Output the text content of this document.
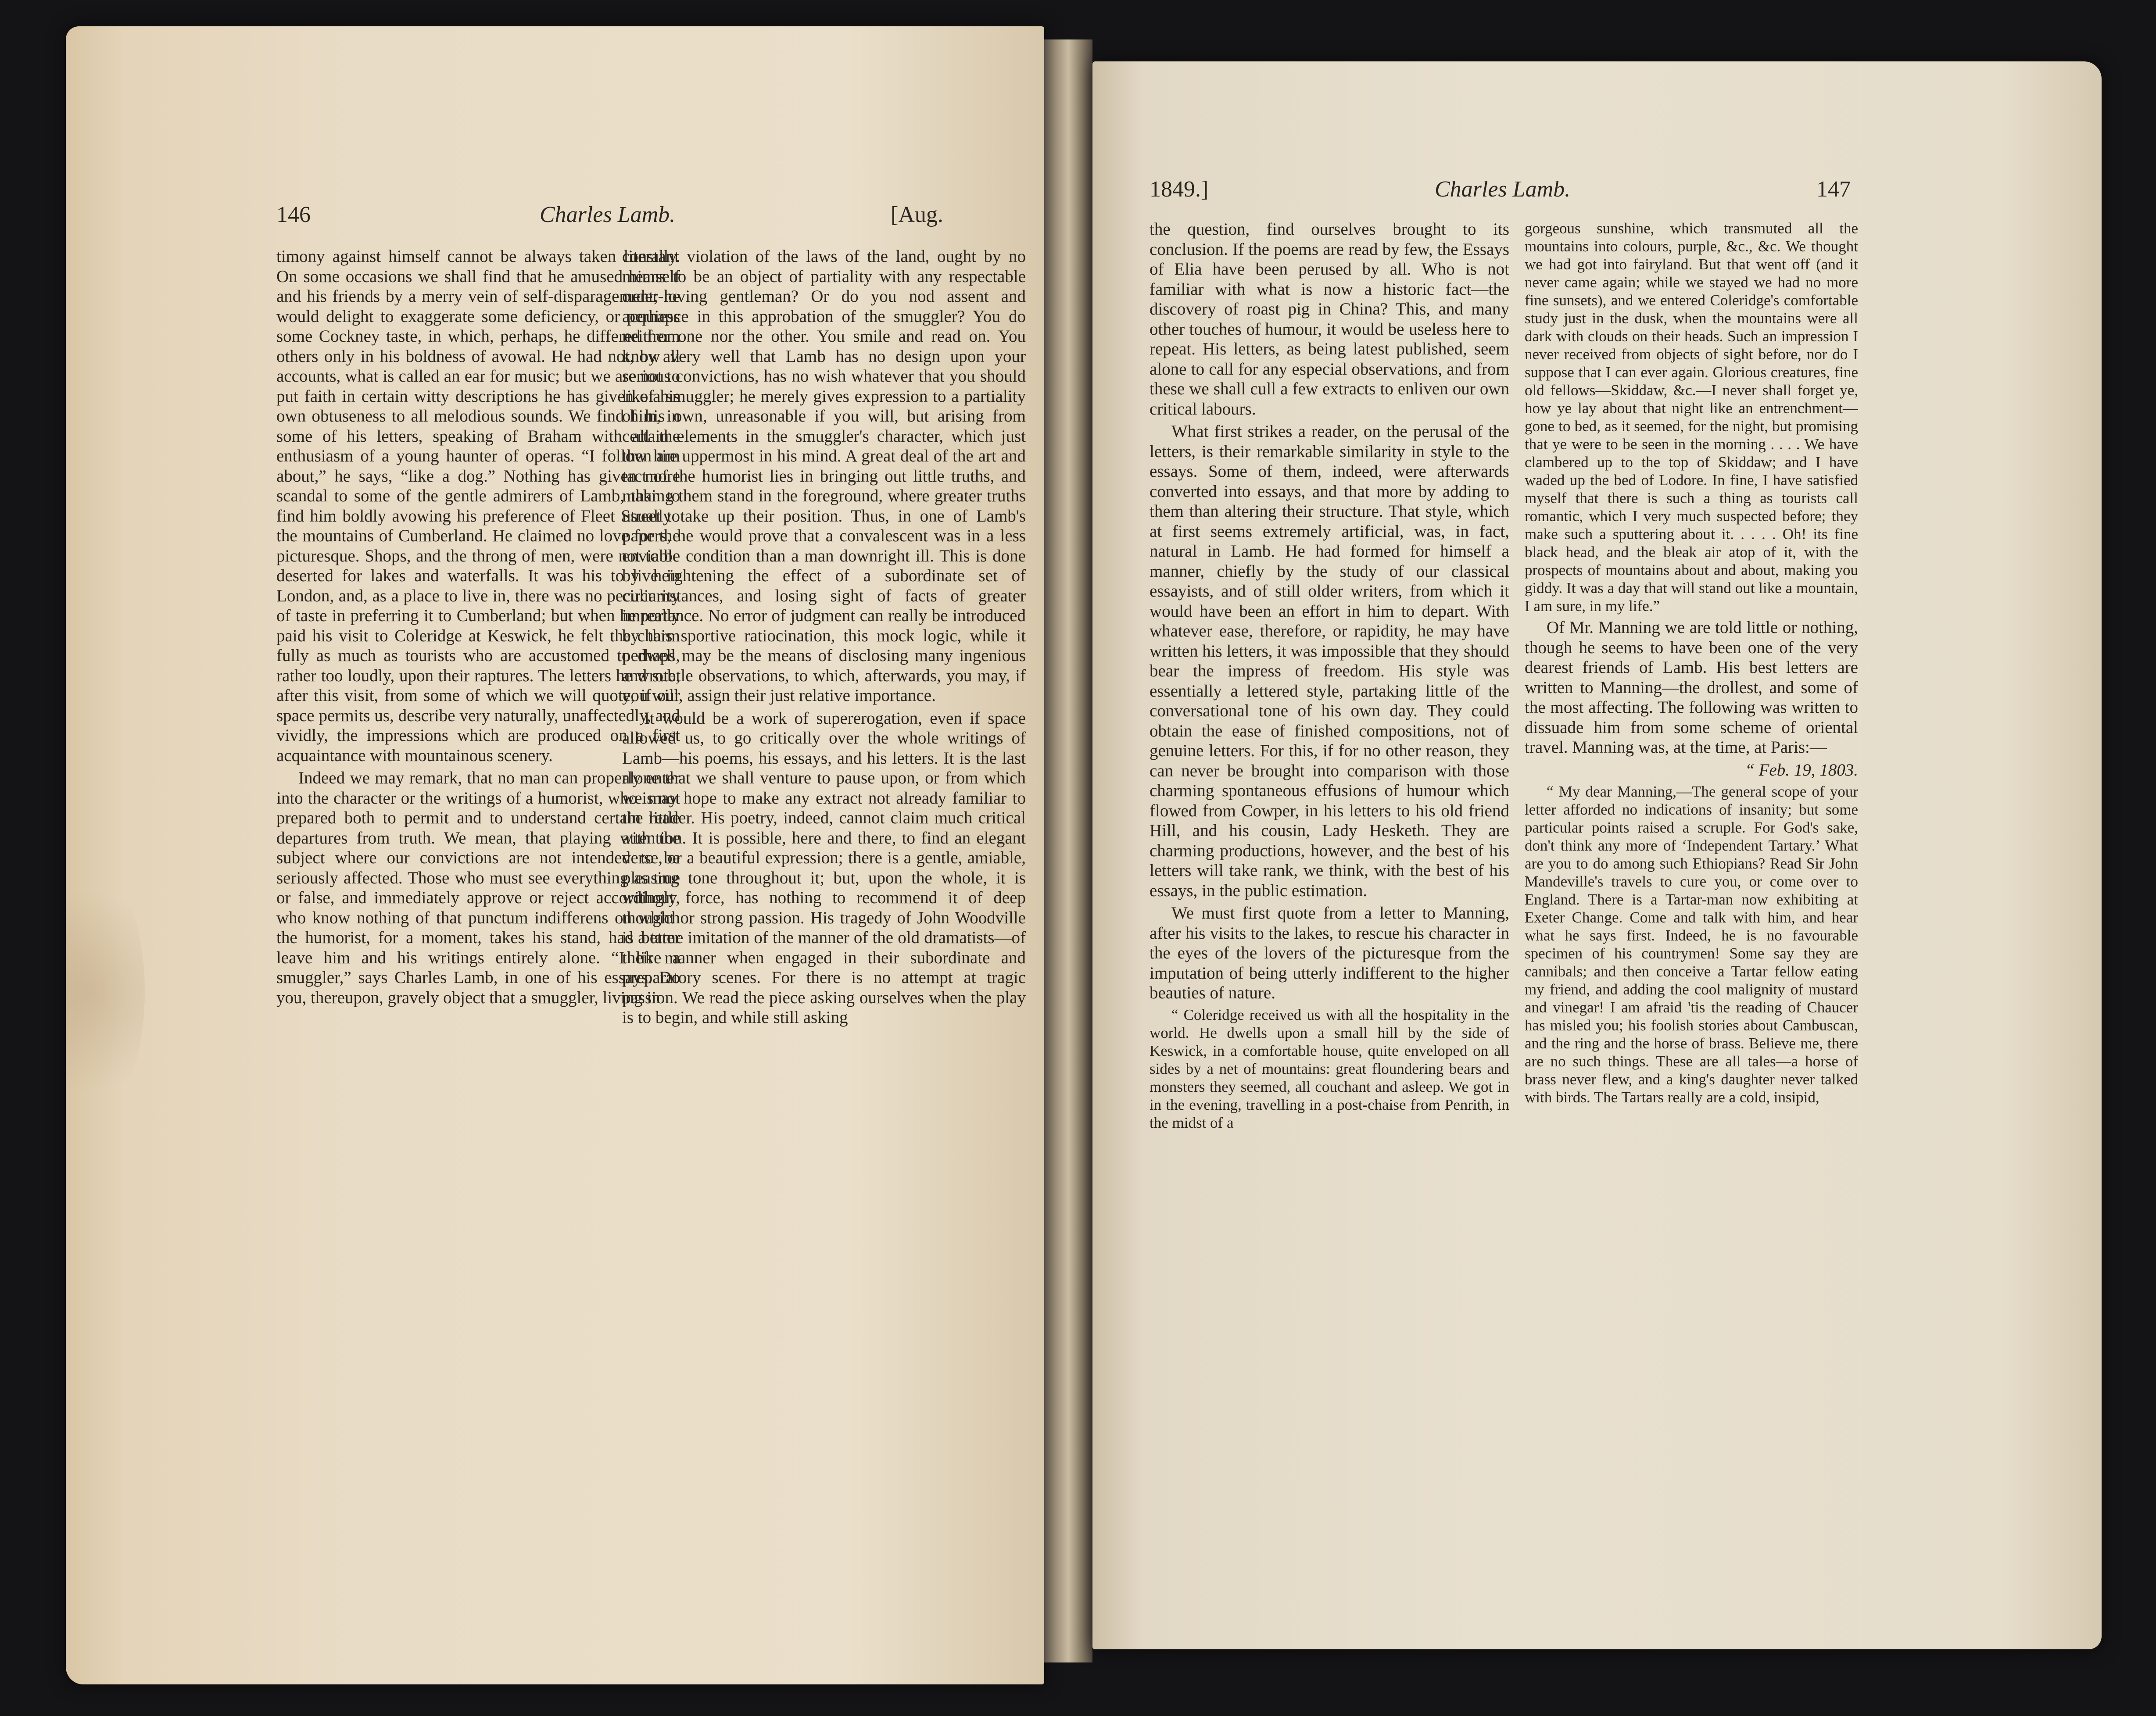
146	Charles Lamb.	[Aug.

timony against himself cannot be always taken literally. On some occasions we shall find that he amused himself and his friends by a merry vein of self-disparagement; he would delight to exaggerate some deficiency, or perhaps some Cockney taste, in which, perhaps, he differed from others only in his boldness of avowal. He had not, by all accounts, what is called an ear for music; but we are not to put faith in certain witty descriptions he has given of his own obtuseness to all melodious sounds. We find him, in some of his letters, speaking of Braham with all the enthusiasm of a young haunter of operas. “I follow him about,” he says, “like a dog.” Nothing has given more scandal to some of the gentle admirers of Lamb, than to find him boldly avowing his preference of Fleet Street to the mountains of Cumberland. He claimed no love for the picturesque. Shops, and the throng of men, were not to be deserted for lakes and waterfalls. It was his to live in London, and, as a place to live in, there was no peculiarity of taste in preferring it to Cumberland; but when he really paid his visit to Coleridge at Keswick, he felt the charm fully as much as tourists who are accustomed to dwell, rather too loudly, upon their raptures. The letters he wrote, after this visit, from some of which we will quote, if our space permits us, describe very naturally, unaffectedly, and vividly, the impressions which are produced on a first acquaintance with mountainous scenery.

Indeed we may remark, that no man can properly enter into the character or the writings of a humorist, who is not prepared both to permit and to understand certain little departures from truth. We mean, that playing with the subject where our convictions are not intended to be seriously affected. Those who must see everything as true or false, and immediately approve or reject accordingly, who know nothing of that punctum indifferens on which the humorist, for a moment, takes his stand, had better leave him and his writings entirely alone. “I like a smuggler,” says Charles Lamb, in one of his essays. Do you, thereupon, gravely object that a smuggler, living in

constant violation of the laws of the land, ought by no means to be an object of partiality with any respectable order-loving gentleman? Or do you nod assent and acquiesce in this approbation of the smuggler? You do neither one nor the other. You smile and read on. You know very well that Lamb has no design upon your serious convictions, has no wish whatever that you should like a smuggler; he merely gives expression to a partiality of his own, unreasonable if you will, but arising from certain elements in the smuggler's character, which just then are uppermost in his mind. A great deal of the art and tact of the humorist lies in bringing out little truths, and making them stand in the foreground, where greater truths usually take up their position. Thus, in one of Lamb's papers, he would prove that a convalescent was in a less enviable condition than a man downright ill. This is done by heightening the effect of a subordinate set of circumstances, and losing sight of facts of greater importance. No error of judgment can really be introduced by this sportive ratiocination, this mock logic, while it perhaps may be the means of disclosing many ingenious and subtle observations, to which, afterwards, you may, if you will, assign their just relative importance.

It would be a work of supererogation, even if space allowed us, to go critically over the whole writings of Lamb—his poems, his essays, and his letters. It is the last alone that we shall venture to pause upon, or from which we may hope to make any extract not already familiar to the reader. His poetry, indeed, cannot claim much critical attention. It is possible, here and there, to find an elegant verse, or a beautiful expression; there is a gentle, amiable, pleasing tone throughout it; but, upon the whole, it is without force, has nothing to recommend it of deep thought or strong passion. His tragedy of John Woodville is a tame imitation of the manner of the old dramatists—of their manner when engaged in their subordinate and preparatory scenes. For there is no attempt at tragic passion. We read the piece asking ourselves when the play is to begin, and while still asking

1849.]	Charles Lamb.	147

the question, find ourselves brought to its conclusion. If the poems are read by few, the Essays of Elia have been perused by all. Who is not familiar with what is now a historic fact—the discovery of roast pig in China? This, and many other touches of humour, it would be useless here to repeat. His letters, as being latest published, seem alone to call for any especial observations, and from these we shall cull a few extracts to enliven our own critical labours.

What first strikes a reader, on the perusal of the letters, is their remarkable similarity in style to the essays. Some of them, indeed, were afterwards converted into essays, and that more by adding to them than altering their structure. That style, which at first seems extremely artificial, was, in fact, natural in Lamb. He had formed for himself a manner, chiefly by the study of our classical essayists, and of still older writers, from which it would have been an effort in him to depart. With whatever ease, therefore, or rapidity, he may have written his letters, it was impossible that they should bear the impress of freedom. His style was essentially a lettered style, partaking little of the conversational tone of his own day. They could obtain the ease of finished compositions, not of genuine letters. For this, if for no other reason, they can never be brought into comparison with those charming spontaneous effusions of humour which flowed from Cowper, in his letters to his old friend Hill, and his cousin, Lady Hesketh. They are charming productions, however, and the best of his letters will take rank, we think, with the best of his essays, in the public estimation.

We must first quote from a letter to Manning, after his visits to the lakes, to rescue his character in the eyes of the lovers of the picturesque from the imputation of being utterly indifferent to the higher beauties of nature.

“ Coleridge received us with all the hospitality in the world. He dwells upon a small hill by the side of Keswick, in a comfortable house, quite enveloped on all sides by a net of mountains: great floundering bears and monsters they seemed, all couchant and asleep. We got in in the evening, travelling in a post-chaise from Penrith, in the midst of a

gorgeous sunshine, which transmuted all the mountains into colours, purple, &c., &c. We thought we had got into fairyland. But that went off (and it never came again; while we stayed we had no more fine sunsets), and we entered Coleridge's comfortable study just in the dusk, when the mountains were all dark with clouds on their heads. Such an impression I never received from objects of sight before, nor do I suppose that I can ever again. Glorious creatures, fine old fellows—Skiddaw, &c.—I never shall forget ye, how ye lay about that night like an entrenchment—gone to bed, as it seemed, for the night, but promising that ye were to be seen in the morning . . . . We have clambered up to the top of Skiddaw; and I have waded up the bed of Lodore. In fine, I have satisfied myself that there is such a thing as tourists call romantic, which I very much suspected before; they make such a sputtering about it. . . . . Oh! its fine black head, and the bleak air atop of it, with the prospects of mountains about and about, making you giddy. It was a day that will stand out like a mountain, I am sure, in my life.”

Of Mr. Manning we are told little or nothing, though he seems to have been one of the very dearest friends of Lamb. His best letters are written to Manning—the drollest, and some of the most affecting. The following was written to dissuade him from some scheme of oriental travel. Manning was, at the time, at Paris:—

“ Feb. 19, 1803.

“ My dear Manning,—The general scope of your letter afforded no indications of insanity; but some particular points raised a scruple. For God's sake, don't think any more of ‘Independent Tartary.’ What are you to do among such Ethiopians? Read Sir John Mandeville's travels to cure you, or come over to England. There is a Tartar-man now exhibiting at Exeter Change. Come and talk with him, and hear what he says first. Indeed, he is no favourable specimen of his countrymen! Some say they are cannibals; and then conceive a Tartar fellow eating my friend, and adding the cool malignity of mustard and vinegar! I am afraid 'tis the reading of Chaucer has misled you; his foolish stories about Cambuscan, and the ring and the horse of brass. Believe me, there are no such things. These are all tales—a horse of brass never flew, and a king's daughter never talked with birds. The Tartars really are a cold, insipid,
